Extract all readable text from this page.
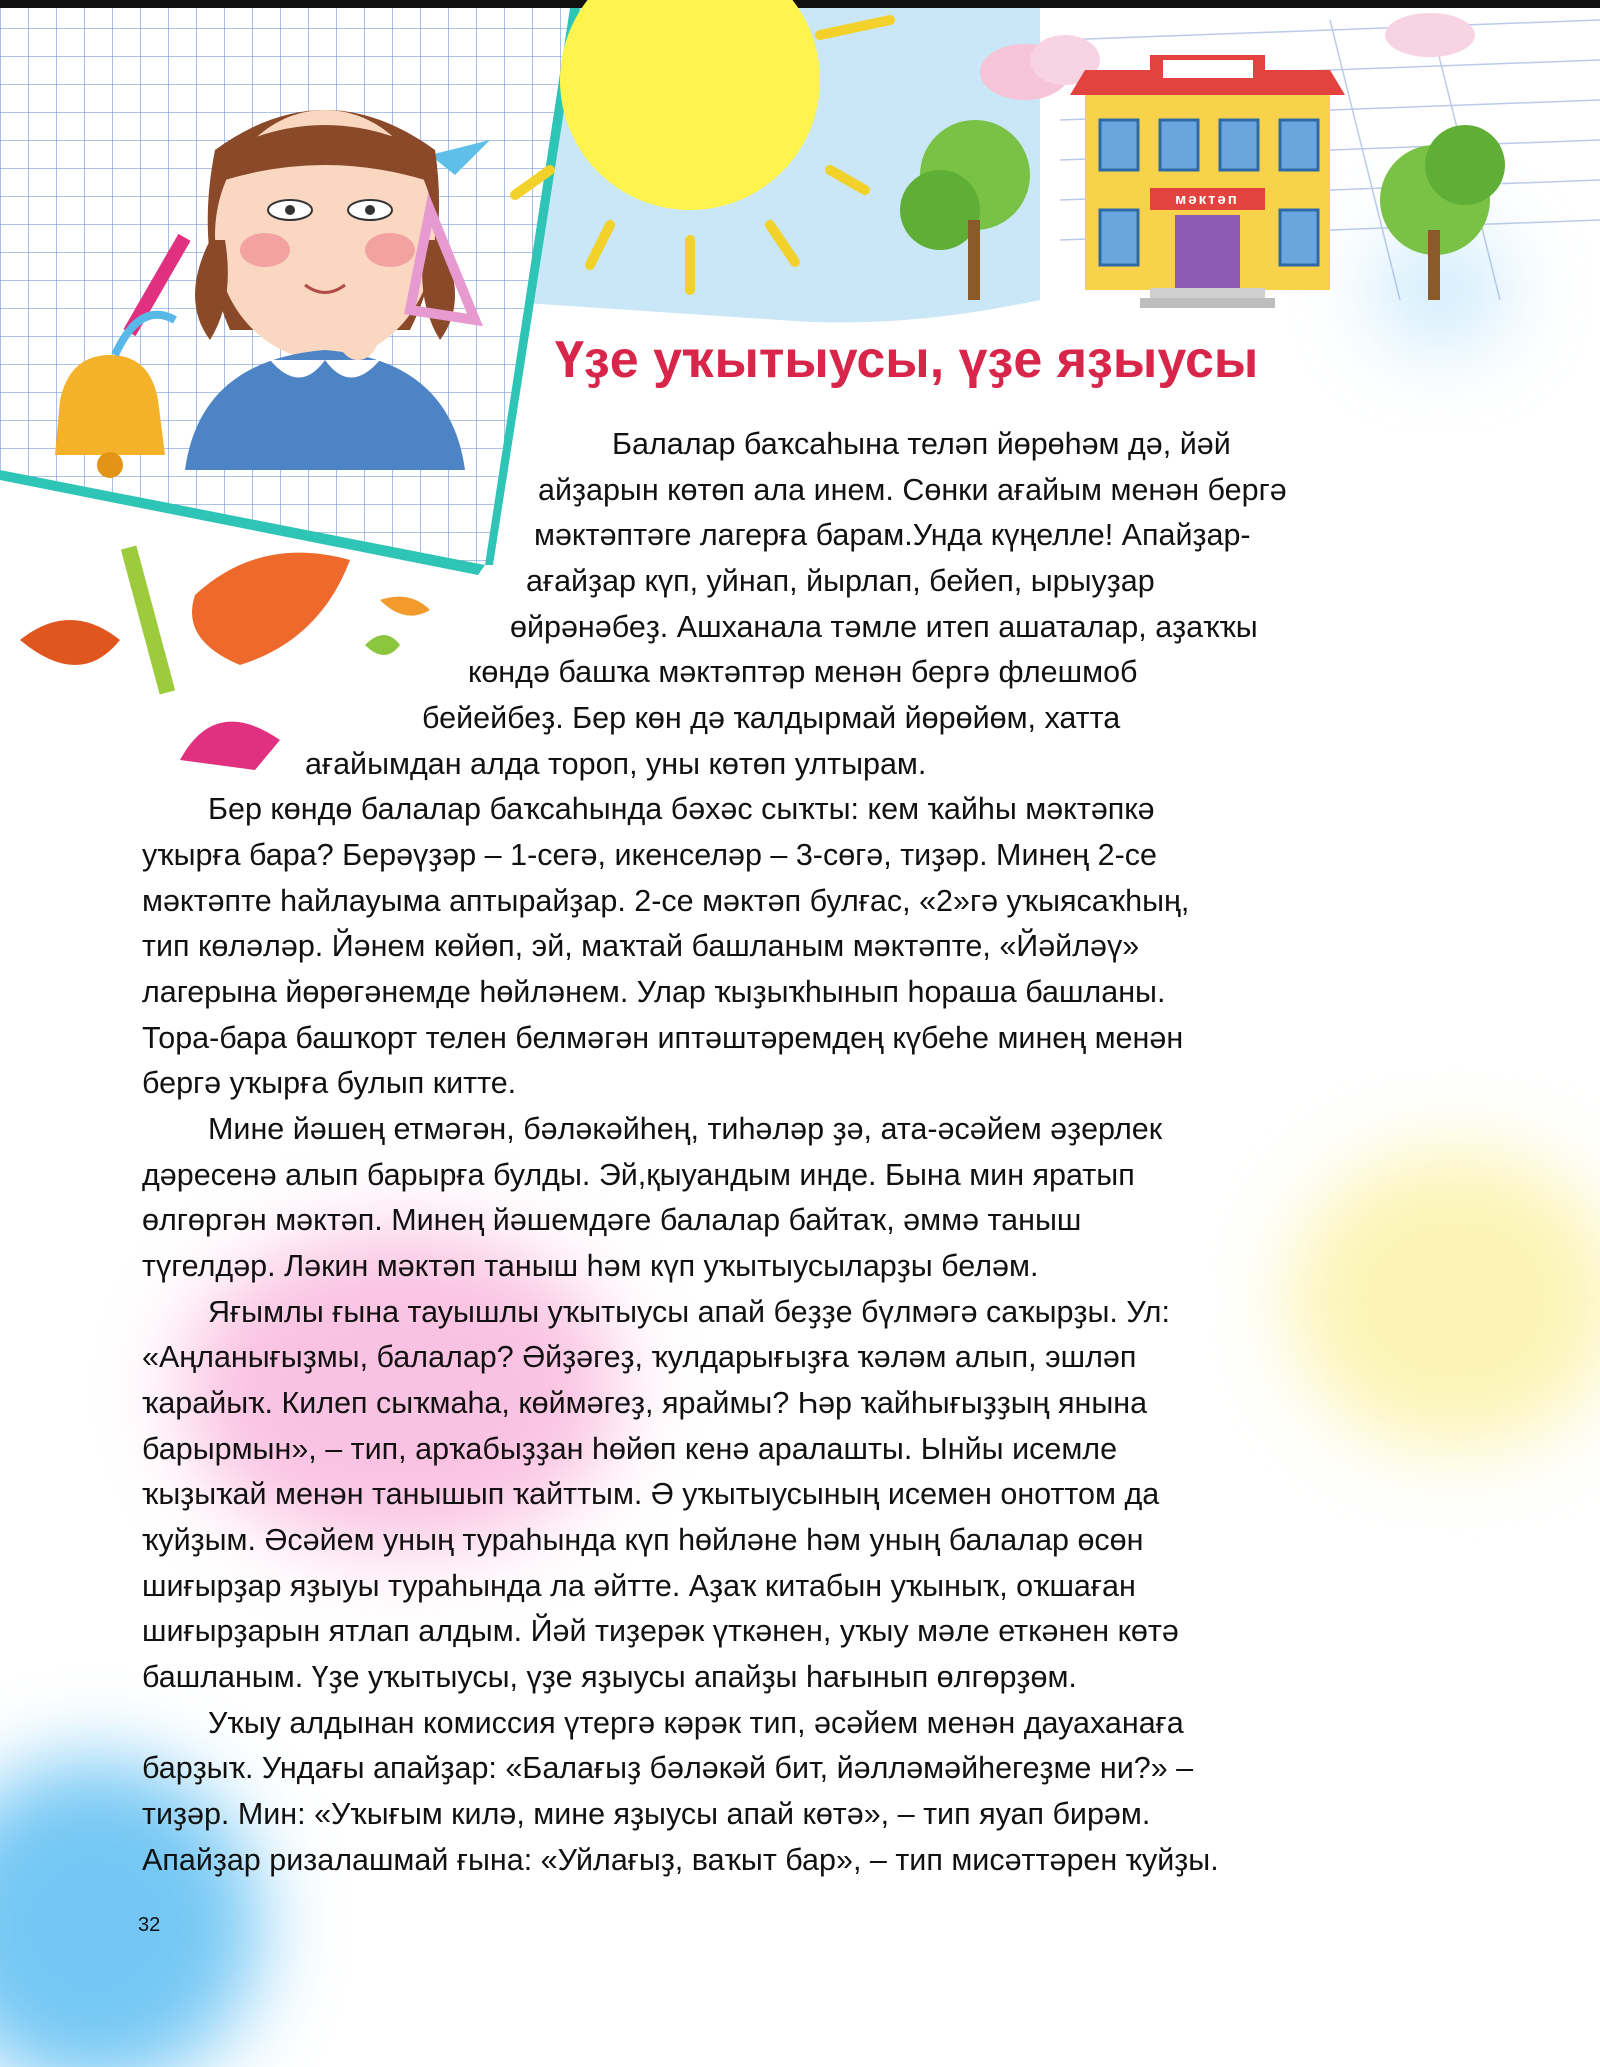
мәктәп
Үҙе уҡытыусы, үҙе яҙыусы
Балалар баҡсаһына теләп йөрөһәм дә, йәй
айҙарын көтөп ала инем. Сөнки ағайым менән бергә
мәктәптәге лагерға барам.Унда күңелле! Апайҙар-
ағайҙар күп, уйнап, йырлап, бейеп, ырыуҙар
өйрәнәбеҙ. Ашханала тәмле итеп ашаталар, аҙаҡҡы
көндә башҡа мәктәптәр менән бергә флешмоб
бейейбеҙ. Бер көн дә ҡалдырмай йөрөйөм, хатта
ағайымдан алда тороп, уны көтөп ултырам.
Бер көндө балалар баҡсаһында бәхәс сыҡты: кем ҡайһы мәктәпкә
уҡырға бара? Берәүҙәр – 1-сегә, икенселәр – 3-сөгә, тиҙәр. Минең 2-се
мәктәпте һайлауыма аптырайҙар. 2-се мәктәп булғас, «2»гә уҡыясаҡһың,
тип көләләр. Йәнем көйөп, эй, маҡтай башланым мәктәпте, «Йәйләү»
лагерына йөрөгәнемде һөйләнем. Улар ҡыҙыҡһынып һораша башланы.
Тора-бара башҡорт телен белмәгән иптәштәремдең күбеһе минең менән
бергә уҡырға булып китте.
Мине йәшең етмәгән, бәләкәйһең, тиһәләр ҙә, ата-әсәйем әҙерлек
дәресенә алып барырға булды. Эй,қыуандым инде. Бына мин яратып
өлгөргән мәктәп. Минең йәшемдәге балалар байтаҡ, әммә таныш
түгелдәр. Ләкин мәктәп таныш һәм күп уҡытыусыларҙы беләм.
Яғымлы ғына тауышлы уҡытыусы апай беҙҙе бүлмәгә саҡырҙы. Ул:
«Аңланығыҙмы, балалар? Әйҙәгеҙ, ҡулдарығыҙға ҡәләм алып, эшләп
ҡарайыҡ. Килеп сыҡмаһа, көймәгеҙ, яраймы? Һәр ҡайһығыҙҙың янына
барырмын», – тип, арҡабыҙҙан һөйөп кенә аралашты. Ынйы исемле
ҡыҙыҡай менән танышып ҡайттым. Ә уҡытыусының исемен оноттом да
ҡуйҙым. Әсәйем уның тураһында күп һөйләне һәм уның балалар өсөн
шиғырҙар яҙыуы тураһында ла әйтте. Аҙаҡ китабын уҡыныҡ, оҡшаған
шиғырҙарын ятлап алдым. Йәй тиҙерәк үткәнен, уҡыу мәле еткәнен көтә
башланым. Үҙе уҡытыусы, үҙе яҙыусы апайҙы һағынып өлгөрҙөм.
Уҡыу алдынан комиссия үтергә кәрәк тип, әсәйем менән дауаханаға
барҙыҡ. Ундағы апайҙар: «Балағыҙ бәләкәй бит, йәлләмәйһегеҙме ни?» –
тиҙәр. Мин: «Уҡығым килә, мине яҙыусы апай көтә», – тип яуап бирәм.
Апайҙар ризалашмай ғына: «Уйлағыҙ, ваҡыт бар», – тип мисәттәрен ҡуйҙы.
32
